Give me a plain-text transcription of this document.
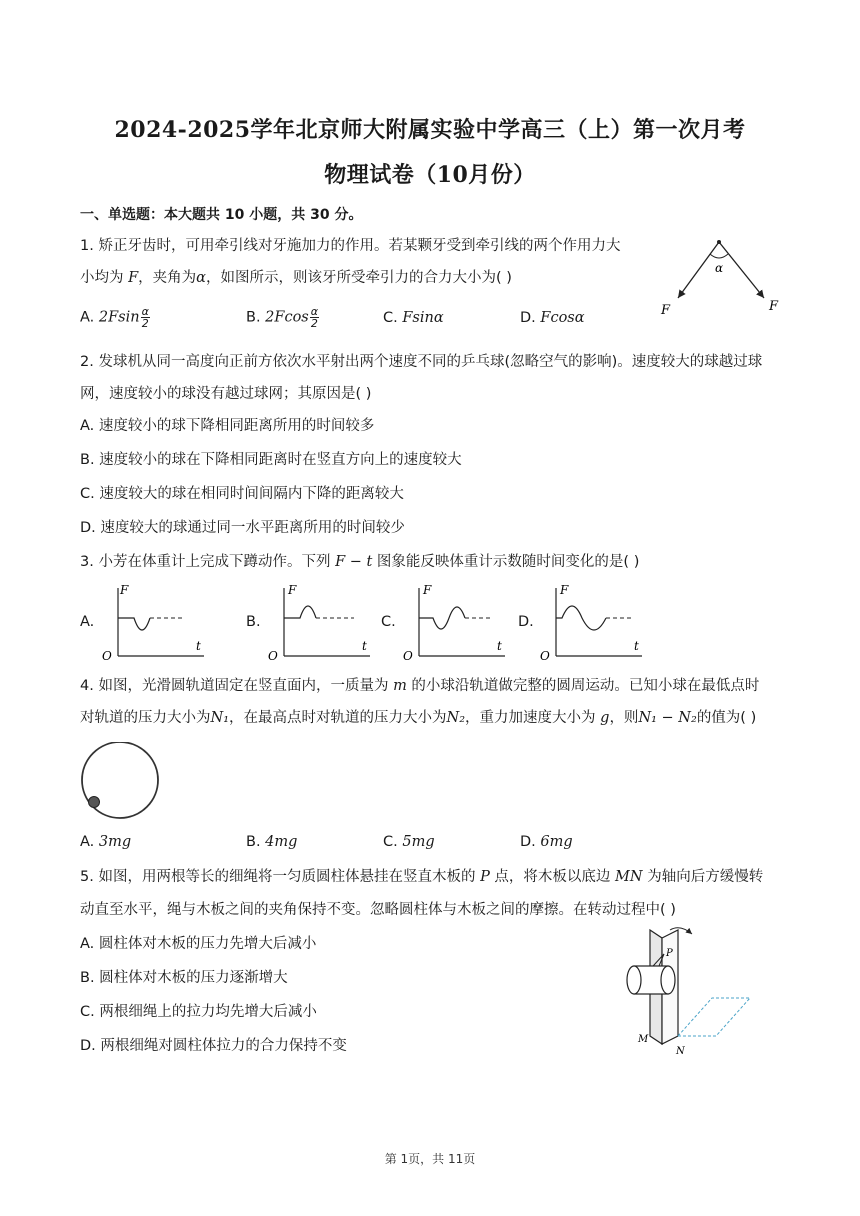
2024-2025学年北京师大附属实验中学高三（上）第一次月考
物理试卷（10月份）
一、单选题：本大题共 10 小题，共 30 分。
1. 矫正牙齿时，可用牵引线对牙施加力的作用。若某颗牙受到牵引线的两个作用力大
小均为 F，夹角为α，如图所示，则该牙所受牵引力的合力大小为( )
A. $2Fsin \frac{\alpha}{2}$	B. $2Fcos \frac{\alpha}{2}$	C. Fsinα	D. Fcosα
α
F	F
2. 发球机从同一高度向正前方依次水平射出两个速度不同的乒乓球(忽略空气的影响)。速度较大的球越过球
网，速度较小的球没有越过球网；其原因是( )
A. 速度较小的球下降相同距离所用的时间较多
B. 速度较小的球在下降相同距离时在竖直方向上的速度较大
C. 速度较大的球在相同时间间隔内下降的距离较大
D. 速度较大的球通过同一水平距离所用的时间较少
3. 小芳在体重计上完成下蹲动作。下列 F − t 图象能反映体重计示数随时间变化的是( )
A.
F
t
O
B.
F
t
O
C.
F
t
O
D.
F
t
O
4. 如图，光滑圆轨道固定在竖直面内，一质量为 m 的小球沿轨道做完整的圆周运动。已知小球在最低点时
对轨道的压力大小为N₁，在最高点时对轨道的压力大小为N₂，重力加速度大小为 g，则N₁ − N₂的值为( )
A. 3mg	B. 4mg	C. 5mg	D. 6mg
5. 如图，用两根等长的细绳将一匀质圆柱体悬挂在竖直木板的 P 点，将木板以底边 MN 为轴向后方缓慢转
动直至水平，绳与木板之间的夹角保持不变。忽略圆柱体与木板之间的摩擦。在转动过程中( )
A. 圆柱体对木板的压力先增大后减小
B. 圆柱体对木板的压力逐渐增大
C. 两根细绳上的拉力均先增大后减小
D. 两根细绳对圆柱体拉力的合力保持不变
P
M
N
第 1页，共 11页
